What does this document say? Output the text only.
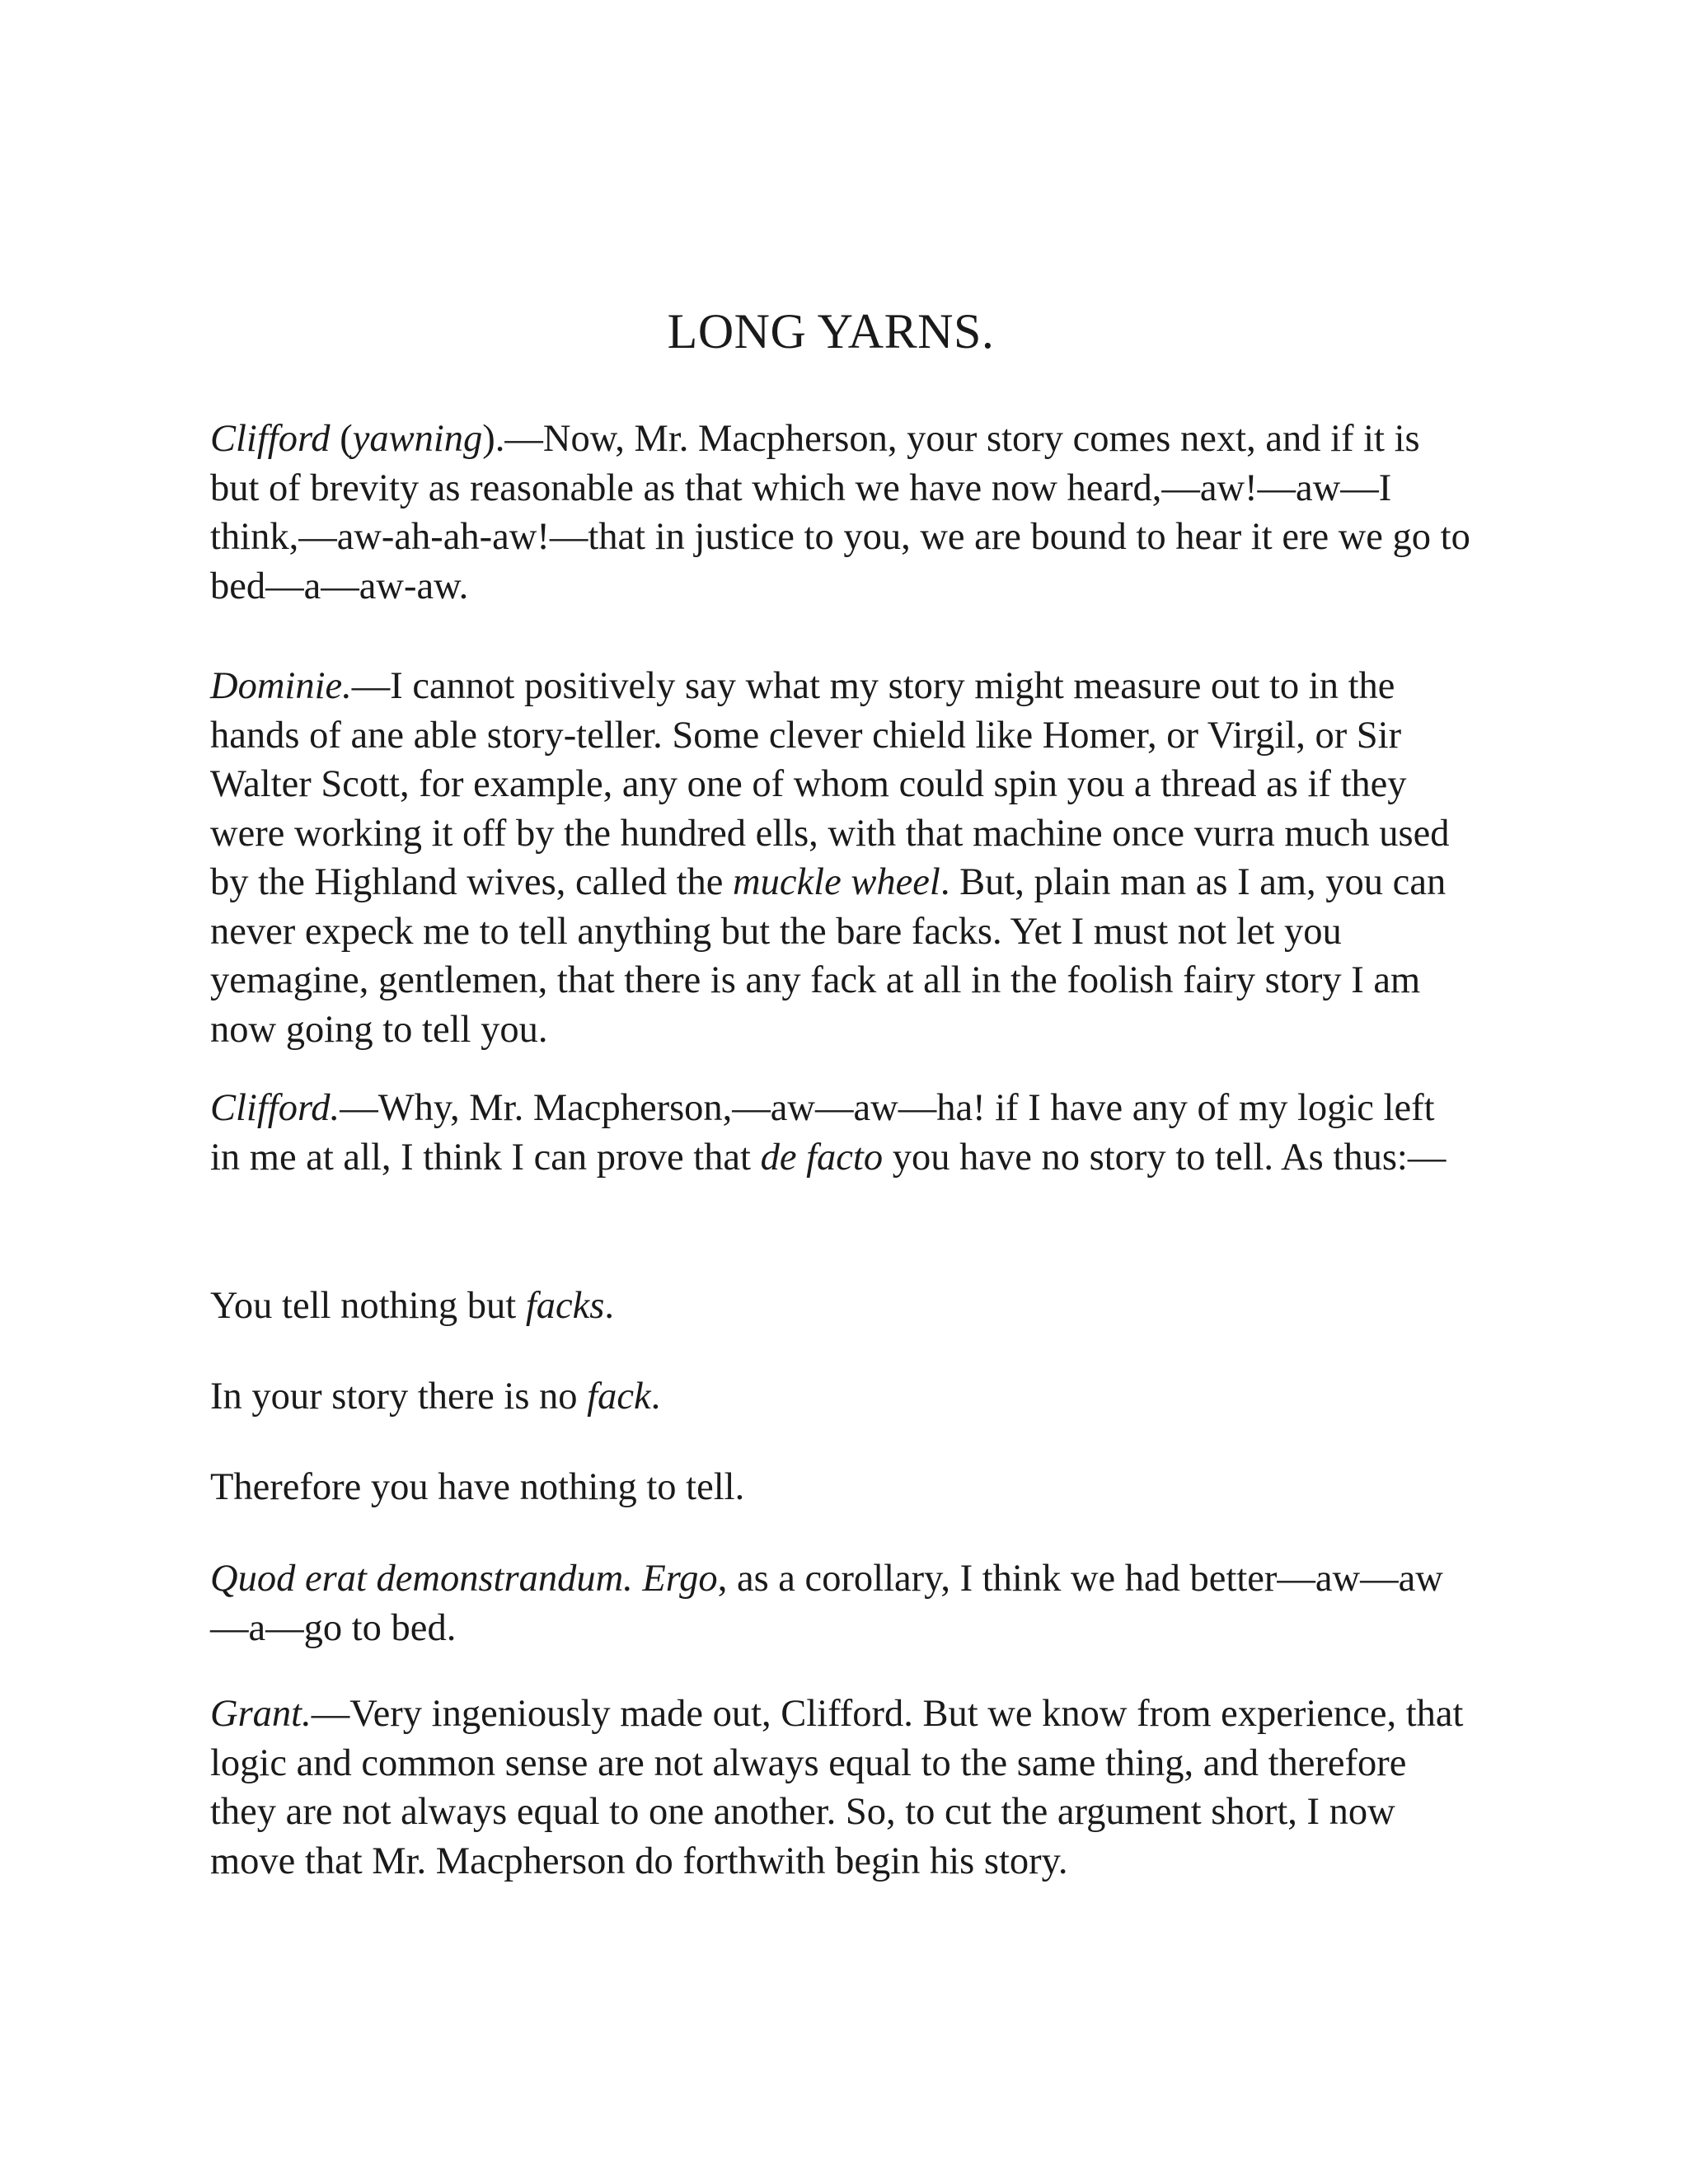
LONG YARNS.

Clifford (yawning).—Now, Mr. Macpherson, your story comes next, and if it is but of brevity as reasonable as that which we have now heard,—aw!—aw—I think,—aw-ah-ah-aw!—that in justice to you, we are bound to hear it ere we go to bed—a—aw-aw.

Dominie.—I cannot positively say what my story might measure out to in the hands of ane able story-teller. Some clever chield like Homer, or Virgil, or Sir Walter Scott, for example, any one of whom could spin you a thread as if they were working it off by the hundred ells, with that machine once vurra much used by the Highland wives, called the muckle wheel. But, plain man as I am, you can never expeck me to tell anything but the bare facks. Yet I must not let you yemagine, gentlemen, that there is any fack at all in the foolish fairy story I am now going to tell you.

Clifford.—Why, Mr. Macpherson,—aw—aw—ha! if I have any of my logic left in me at all, I think I can prove that de facto you have no story to tell. As thus:—

You tell nothing but facks.

In your story there is no fack.

Therefore you have nothing to tell.

Quod erat demonstrandum. Ergo, as a corollary, I think we had better—aw—aw—a—go to bed.

Grant.—Very ingeniously made out, Clifford. But we know from experience, that logic and common sense are not always equal to the same thing, and therefore they are not always equal to one another. So, to cut the argument short, I now move that Mr. Macpherson do forthwith begin his story.
